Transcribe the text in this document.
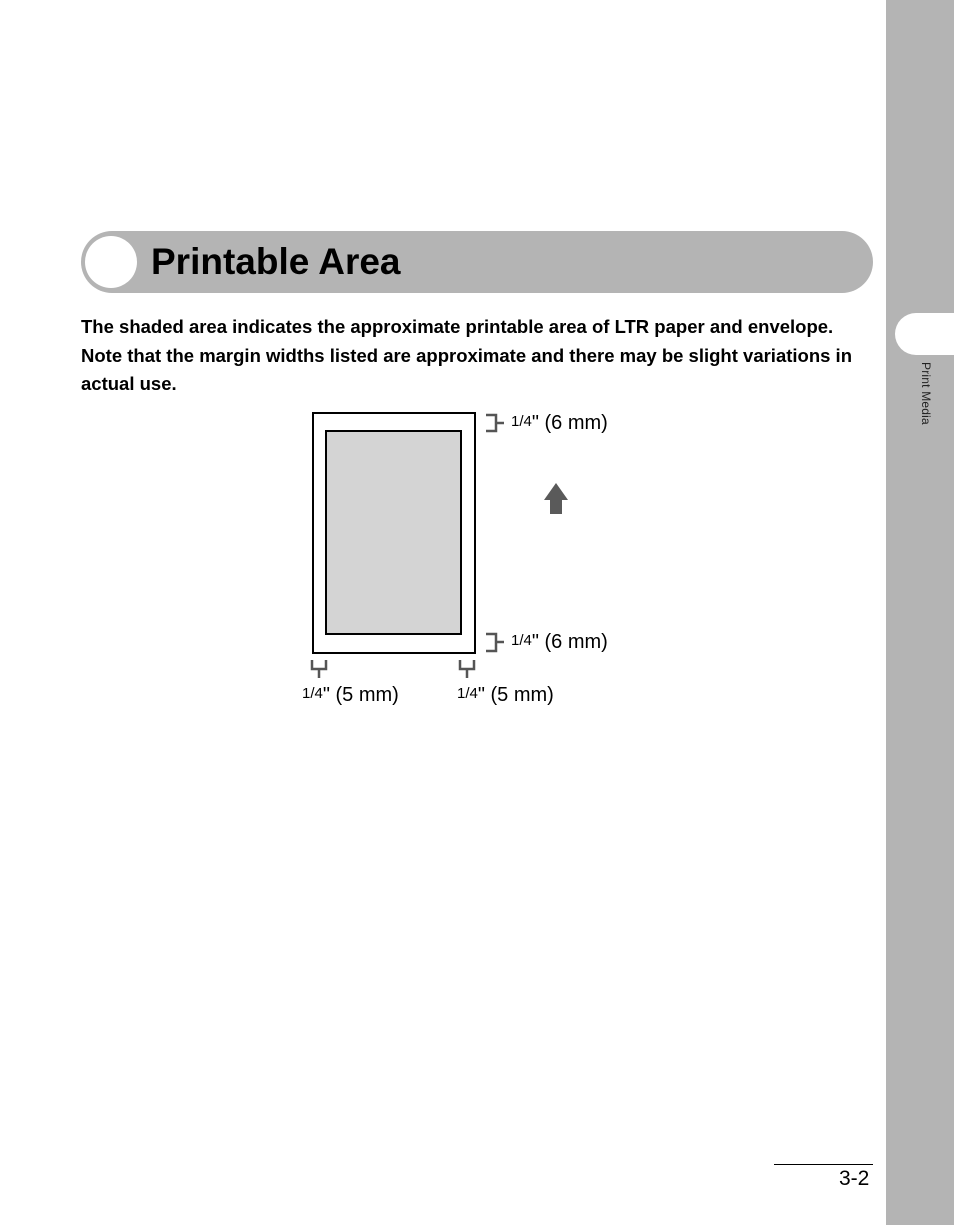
Print Media
Printable Area

The shaded area indicates the approximate printable area of LTR paper and envelope. Note that the margin widths listed are approximate and there may be slight variations in actual use.

1/4" (6 mm)
1/4" (6 mm)
1/4" (5 mm)	1/4" (5 mm)
3-2
